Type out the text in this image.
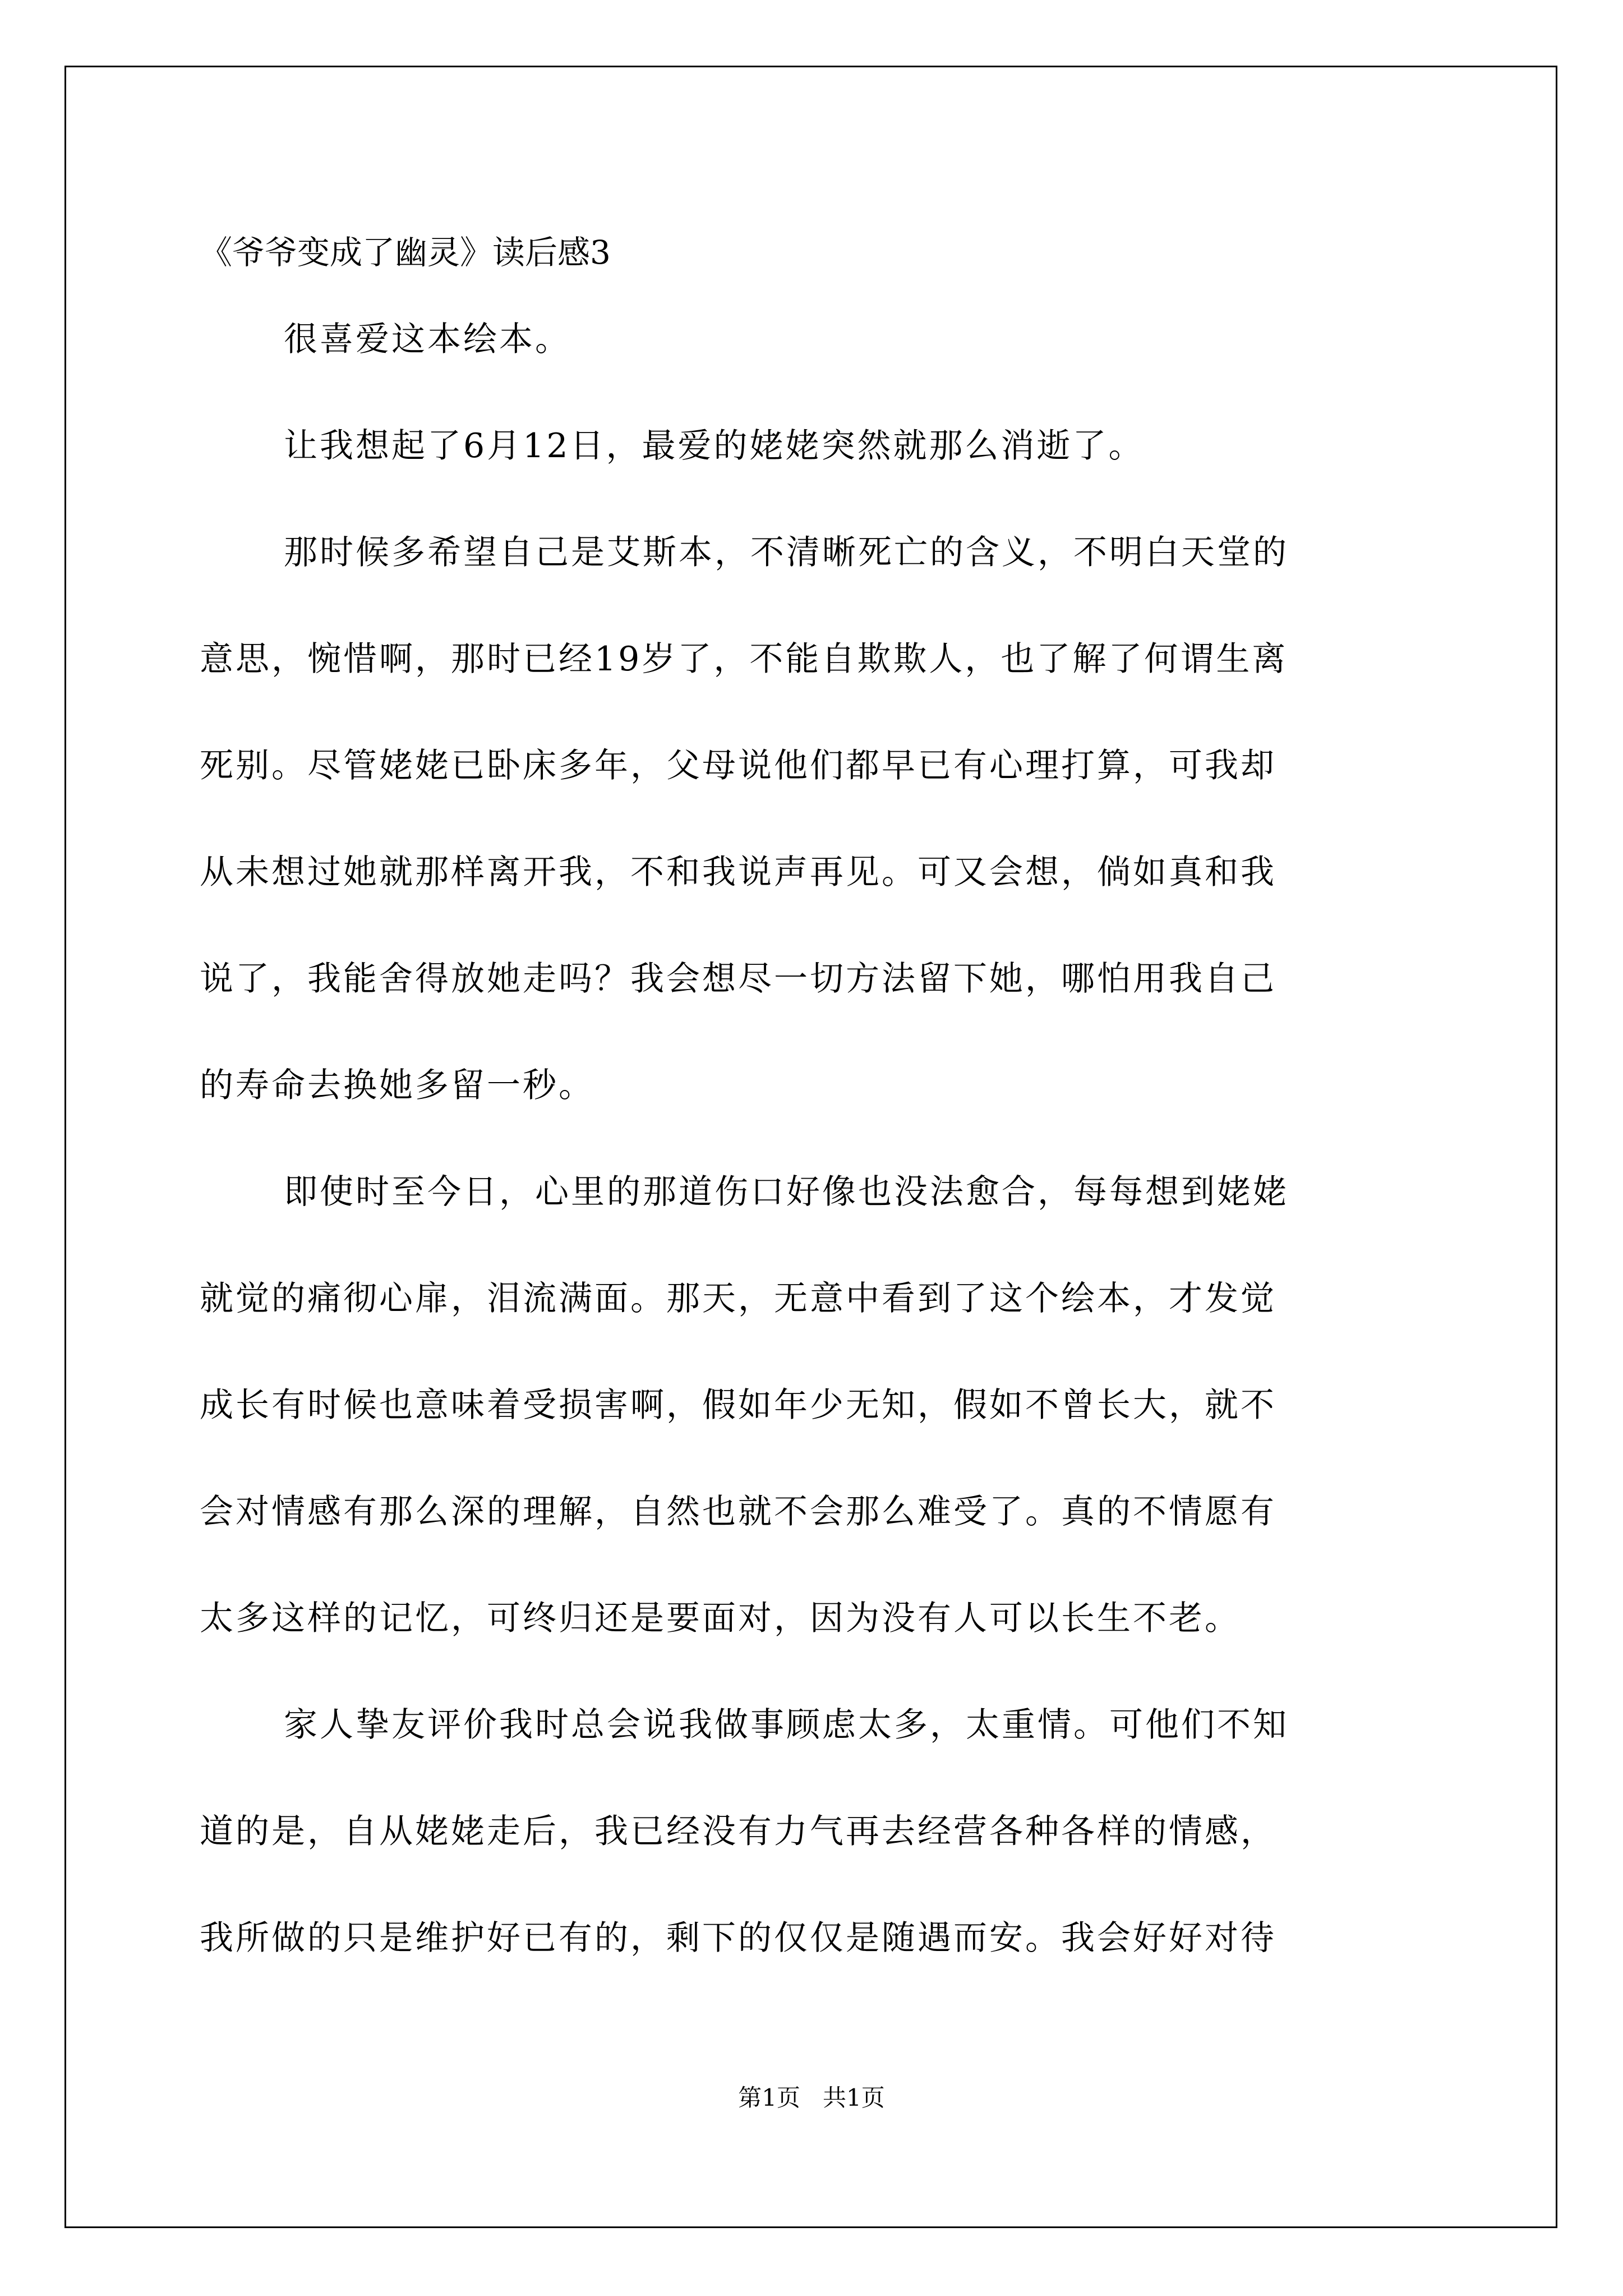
《爷爷变成了幽灵》读后感3
很喜爱这本绘本。
让我想起了6月12日，最爱的姥姥突然就那么消逝了。
那时候多希望自己是艾斯本，不清晰死亡的含义，不明白天堂的
意思，惋惜啊，那时已经19岁了，不能自欺欺人，也了解了何谓生离
死别。尽管姥姥已卧床多年，父母说他们都早已有心理打算，可我却
从未想过她就那样离开我，不和我说声再见。可又会想，倘如真和我
说了，我能舍得放她走吗？我会想尽一切方法留下她，哪怕用我自己
的寿命去换她多留一秒。
即使时至今日，心里的那道伤口好像也没法愈合，每每想到姥姥
就觉的痛彻心扉，泪流满面。那天，无意中看到了这个绘本，才发觉
成长有时候也意味着受损害啊，假如年少无知，假如不曾长大，就不
会对情感有那么深的理解，自然也就不会那么难受了。真的不情愿有
太多这样的记忆，可终归还是要面对，因为没有人可以长生不老。
家人挚友评价我时总会说我做事顾虑太多，太重情。可他们不知
道的是，自从姥姥走后，我已经没有力气再去经营各种各样的情感，
我所做的只是维护好已有的，剩下的仅仅是随遇而安。我会好好对待
第1页 共1页
